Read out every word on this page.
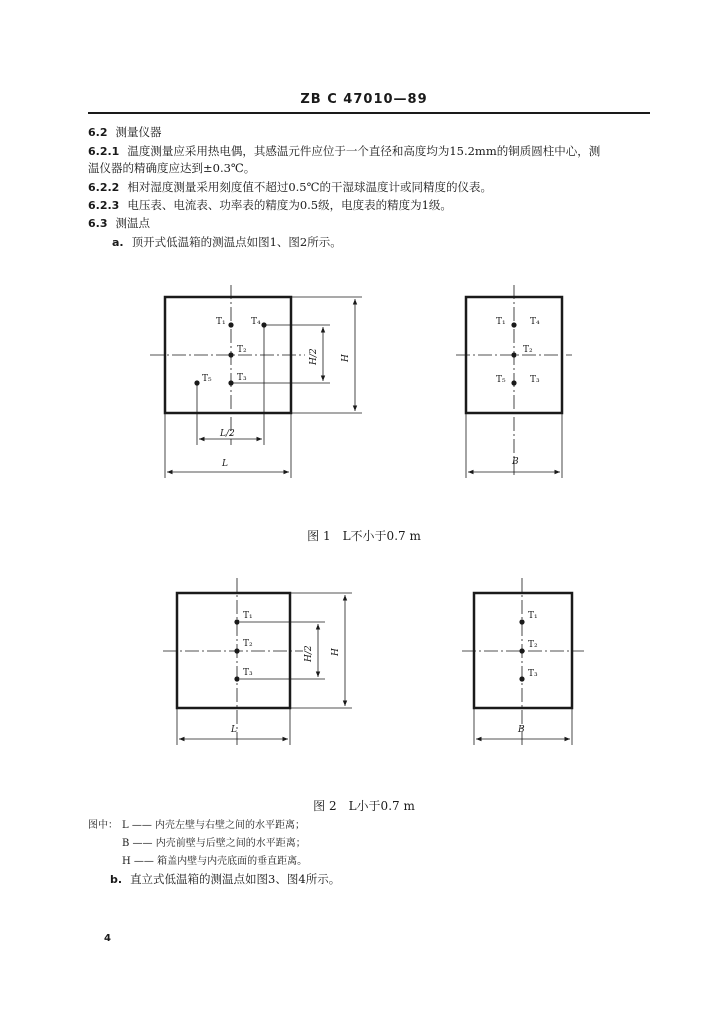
ZB C 47010—89
6.2 测量仪器
6.2.1 温度测量应采用热电偶，其感温元件应位于一个直径和高度均为15.2mm的铜质圆柱中心，测
温仪器的精确度应达到±0.3℃。
6.2.2 相对湿度测量采用刻度值不超过0.5℃的干湿球温度计或同精度的仪表。
6.2.3 电压表、电流表、功率表的精度为0.5级，电度表的精度为1级。
6.3 测温点
a. 顶开式低温箱的测温点如图1、图2所示。
T₁	T₄
T₂
T₃
T₅
L/2
L
H/2 H
T₁	T₄
T₂
T₅	T₃
B
T₁
T₂
T₃
H/2 H
L
T₁
T₂
T₃
B
图 1　L不小于0.7 m
图 2　L小于0.7 m
图中： L —— 内壳左壁与右壁之间的水平距离；
B —— 内壳前壁与后壁之间的水平距离；
H —— 箱盖内壁与内壳底面的垂直距离。
b. 直立式低温箱的测温点如图3、图4所示。
4
